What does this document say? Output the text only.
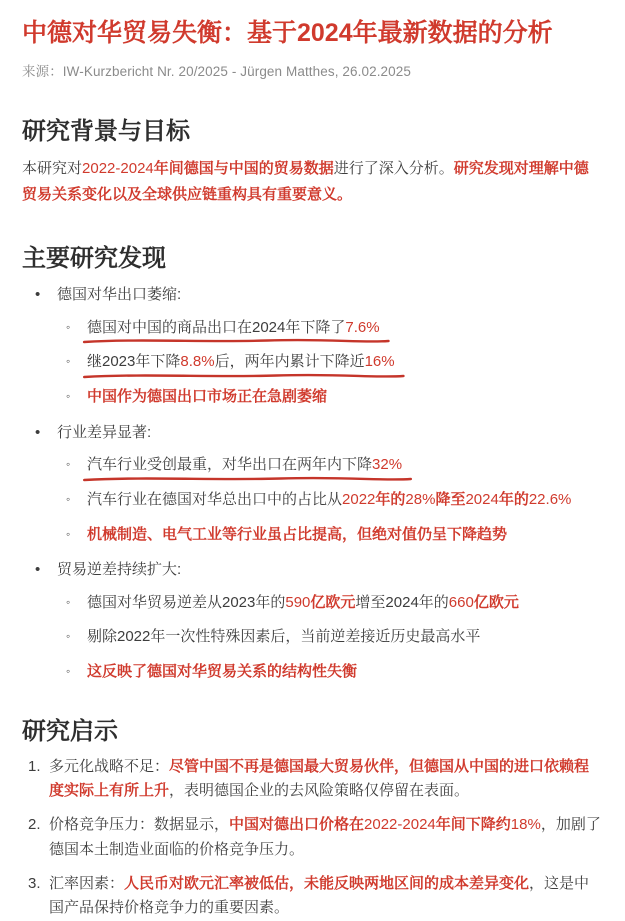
中德对华贸易失衡：基于2024年最新数据的分析

来源：IW-Kurzbericht Nr. 20/2025 - Jürgen Matthes, 26.02.2025

研究背景与目标

本研究对2022-2024年间德国与中国的贸易数据进行了深入分析。研究发现对理解中德贸易关系变化以及全球供应链重构具有重要意义。

主要研究发现
•	德国对华出口萎缩:
◦	德国对中国的商品出口在2024年下降了7.6%
◦	继2023年下降8.8%后，两年内累计下降近16%
◦	中国作为德国出口市场正在急剧萎缩
•	行业差异显著:
◦	汽车行业受创最重，对华出口在两年内下降32%
◦	汽车行业在德国对华总出口中的占比从2022年的28%降至2024年的22.6%
◦	机械制造、电气工业等行业虽占比提高，但绝对值仍呈下降趋势
•	贸易逆差持续扩大:
◦	德国对华贸易逆差从2023年的590亿欧元增至2024年的660亿欧元
◦	剔除2022年一次性特殊因素后，当前逆差接近历史最高水平
◦	这反映了德国对华贸易关系的结构性失衡
研究启示
1. 多元化战略不足：尽管中国不再是德国最大贸易伙伴，但德国从中国的进口依赖程度实际上有所上升，表明德国企业的去风险策略仅停留在表面。
2. 价格竞争压力：数据显示，中国对德出口价格在2022-2024年间下降约18%，加剧了德国本土制造业面临的价格竞争压力。
3. 汇率因素：人民币对欧元汇率被低估，未能反映两地区间的成本差异变化，这是中国产品保持价格竞争力的重要因素。
